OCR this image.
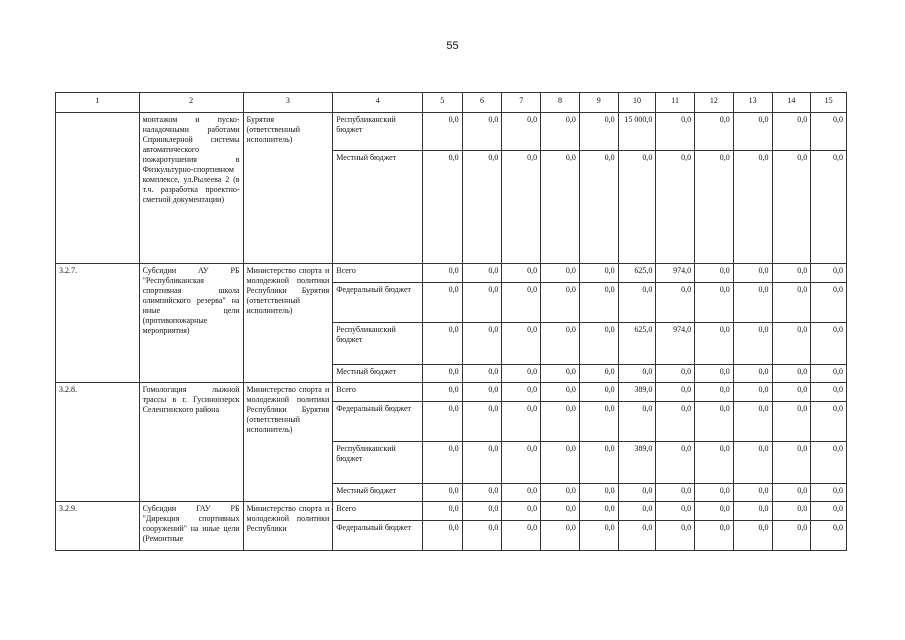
55
1	2	3	4	5	6	7	8	9	10	11	12	13	14	15
	монтажом и пуско-наладочными работами Спринклерной системы автоматического пожаротушения в Физкультурно-спортивном комплексе, ул.Рылеева 2 (в т.ч. разработка проектно-сметной документации)	Бурятия (ответственный исполнитель)	Республиканский бюджет	0,0	0,0	0,0	0,0	0,0	15 000,0	0,0	0,0	0,0	0,0	0,0
			Местный бюджет	0,0	0,0	0,0	0,0	0,0	0,0	0,0	0,0	0,0	0,0	0,0
3.2.7.	Субсидии АУ РБ "Республиканская спортивная школа олимпийского резерва" на иные цели (противопожарные мероприятия)	Министерство спорта и молодежной политики Республики Бурятия (ответственный исполнитель)	Всего	0,0	0,0	0,0	0,0	0,0	625,0	974,0	0,0	0,0	0,0	0,0
			Федеральный бюджет	0,0	0,0	0,0	0,0	0,0	0,0	0,0	0,0	0,0	0,0	0,0
			Республиканский бюджет	0,0	0,0	0,0	0,0	0,0	625,0	974,0	0,0	0,0	0,0	0,0
			Местный бюджет	0,0	0,0	0,0	0,0	0,0	0,0	0,0	0,0	0,0	0,0	0,0
3.2.8.	Гомологация лыжной трассы в г. Гусиноозерск Селенгинского района	Министерство спорта и молодежной политики Республики Бурятия (ответственный исполнитель)	Всего	0,0	0,0	0,0	0,0	0,0	389,0	0,0	0,0	0,0	0,0	0,0
			Федеральный бюджет	0,0	0,0	0,0	0,0	0,0	0,0	0,0	0,0	0,0	0,0	0,0
			Республиканский бюджет	0,0	0,0	0,0	0,0	0,0	389,0	0,0	0,0	0,0	0,0	0,0
			Местный бюджет	0,0	0,0	0,0	0,0	0,0	0,0	0,0	0,0	0,0	0,0	0,0
3.2.9.	Субсидии ГАУ РБ "Дирекция спортивных сооружений" на иные цели (Ремонтные	Министерство спорта и молодежной политики Республики	Всего	0,0	0,0	0,0	0,0	0,0	0,0	0,0	0,0	0,0	0,0	0,0
			Федеральный бюджет	0,0	0,0	0,0	0,0	0,0	0,0	0,0	0,0	0,0	0,0	0,0
